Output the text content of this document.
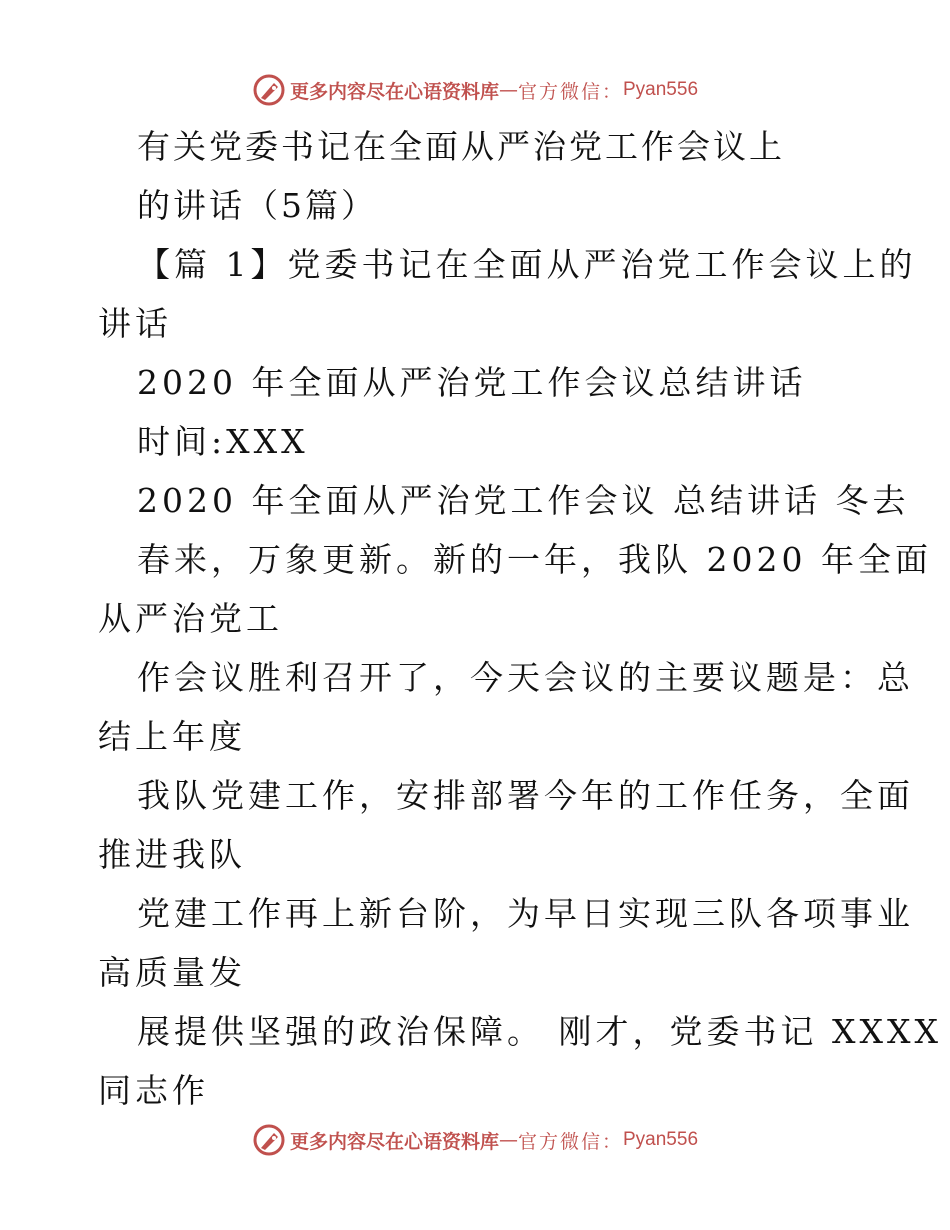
更多内容尽在心语资料库 — 官方微信： Pyan556
有关党委书记在全面从严治党工作会议上
的讲话（5篇）
【篇 1】党委书记在全面从严治党工作会议上的
讲话
2020 年全面从严治党工作会议总结讲话
时间:XXX
2020 年全面从严治党工作会议 总结讲话 冬去
春来，万象更新。新的一年，我队 2020 年全面
从严治党工
作会议胜利召开了，今天会议的主要议题是：总
结上年度
我队党建工作，安排部署今年的工作任务，全面
推进我队
党建工作再上新台阶，为早日实现三队各项事业
高质量发
展提供坚强的政治保障。 刚才，党委书记 XXXX
同志作
更多内容尽在心语资料库 — 官方微信： Pyan556
